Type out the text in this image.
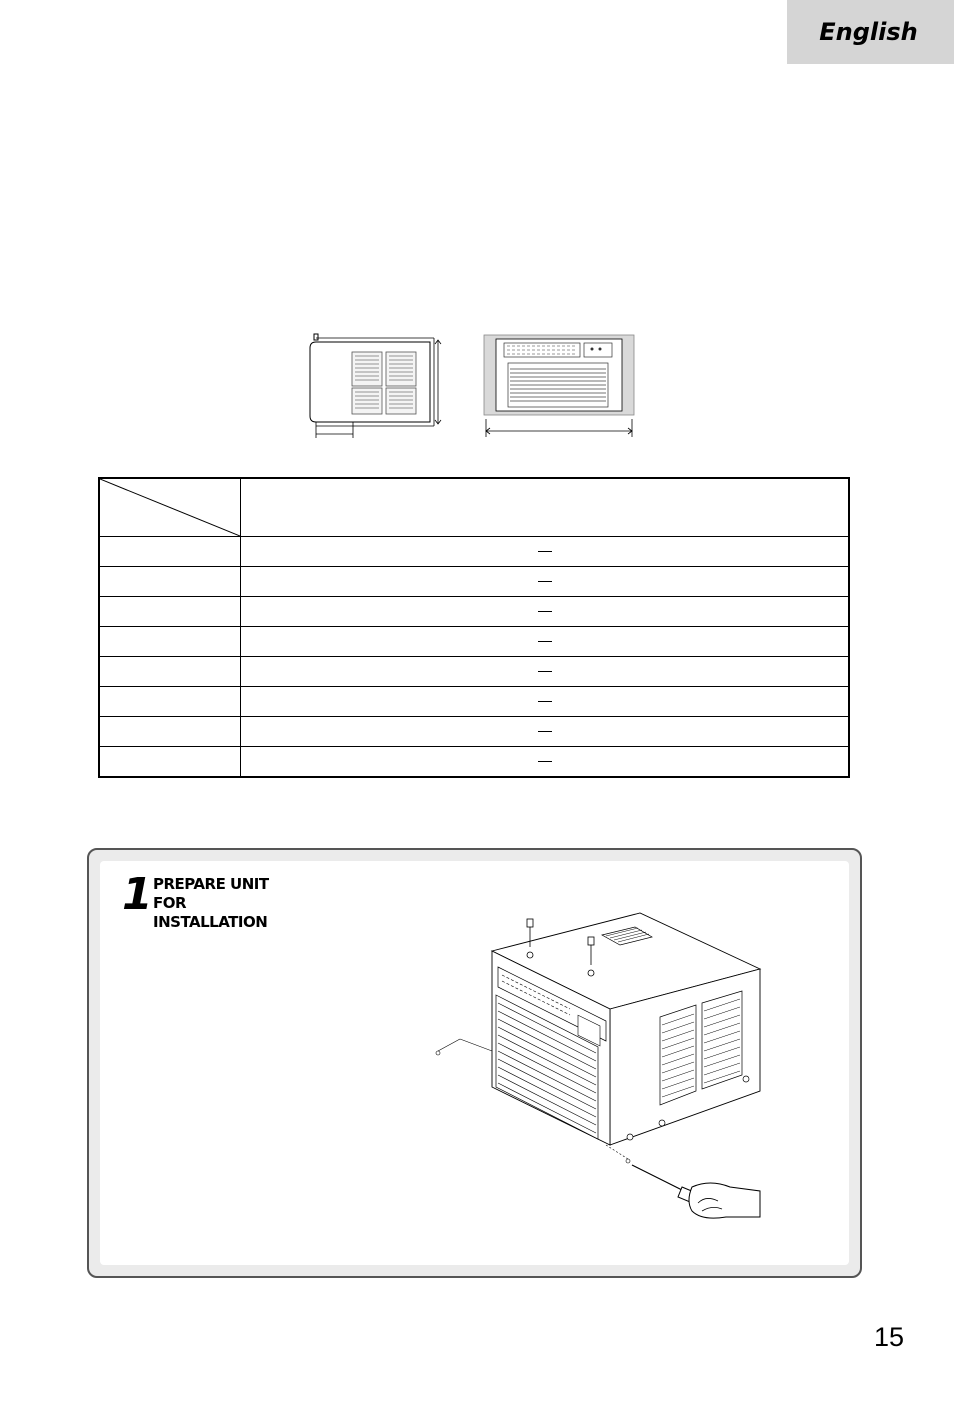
English

1 PREPARE UNIT
FOR
INSTALLATION
15
